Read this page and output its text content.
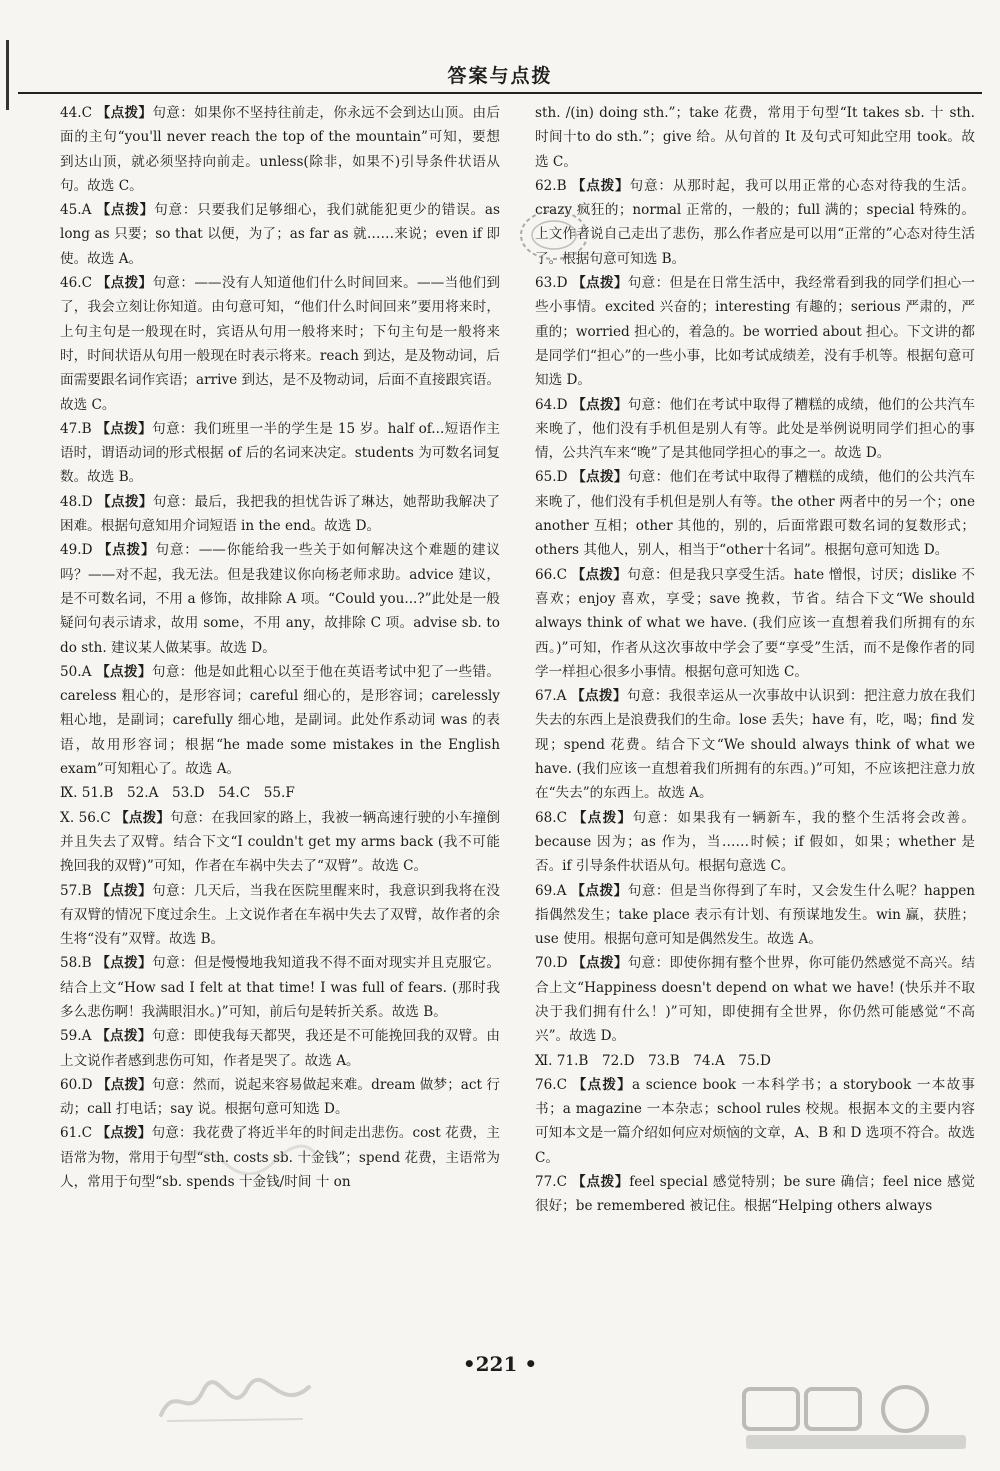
答案与点拨

44.C 【点拨】句意：如果你不坚持往前走，你永远不会到达山顶。由后面的主句“you'll never reach the top of the mountain”可知，要想到达山顶，就必须坚持向前走。unless(除非，如果不)引导条件状语从句。故选 C。

45.A 【点拨】句意：只要我们足够细心，我们就能犯更少的错误。as long as 只要；so that 以便，为了；as far as 就……来说；even if 即使。故选 A。

46.C 【点拨】句意：——没有人知道他们什么时间回来。——当他们到了，我会立刻让你知道。由句意可知，“他们什么时间回来”要用将来时，上句主句是一般现在时，宾语从句用一般将来时；下句主句是一般将来时，时间状语从句用一般现在时表示将来。reach 到达，是及物动词，后面需要跟名词作宾语；arrive 到达，是不及物动词，后面不直接跟宾语。故选 C。

47.B 【点拨】句意：我们班里一半的学生是 15 岁。half of...短语作主语时，谓语动词的形式根据 of 后的名词来决定。students 为可数名词复数。故选 B。

48.D 【点拨】句意：最后，我把我的担忧告诉了琳达，她帮助我解决了困难。根据句意知用介词短语 in the end。故选 D。

49.D 【点拨】句意：——你能给我一些关于如何解决这个难题的建议吗？——对不起，我无法。但是我建议你向杨老师求助。advice 建议，是不可数名词，不用 a 修饰，故排除 A 项。“Could you...?”此处是一般疑问句表示请求，故用 some，不用 any，故排除 C 项。advise sb. to do sth. 建议某人做某事。故选 D。

50.A 【点拨】句意：他是如此粗心以至于他在英语考试中犯了一些错。careless 粗心的，是形容词；careful 细心的，是形容词；carelessly 粗心地，是副词；carefully 细心地，是副词。此处作系动词 was 的表语，故用形容词；根据“he made some mistakes in the English exam”可知粗心了。故选 A。

Ⅸ. 51.B　52.A　53.D　54.C　55.F

Ⅹ. 56.C 【点拨】句意：在我回家的路上，我被一辆高速行驶的小车撞倒并且失去了双臂。结合下文“I couldn't get my arms back (我不可能挽回我的双臂)”可知，作者在车祸中失去了“双臂”。故选 C。

57.B 【点拨】句意：几天后，当我在医院里醒来时，我意识到我将在没有双臂的情况下度过余生。上文说作者在车祸中失去了双臂，故作者的余生将“没有”双臂。故选 B。

58.B 【点拨】句意：但是慢慢地我知道我不得不面对现实并且克服它。结合上文“How sad I felt at that time! I was full of fears. (那时我多么悲伤啊！我满眼泪水。)”可知，前后句是转折关系。故选 B。

59.A 【点拨】句意：即使我每天都哭，我还是不可能挽回我的双臂。由上文说作者感到悲伤可知，作者是哭了。故选 A。

60.D 【点拨】句意：然而，说起来容易做起来难。dream 做梦；act 行动；call 打电话；say 说。根据句意可知选 D。

61.C 【点拨】句意：我花费了将近半年的时间走出悲伤。cost 花费，主语常为物，常用于句型“sth. costs sb. 十金钱”；spend 花费，主语常为人，常用于句型“sb. spends 十金钱/时间 十 on

sth. /(in) doing sth.”；take 花费，常用于句型“It takes sb. 十 sth. 时间十to do sth.”；give 给。从句首的 It 及句式可知此空用 took。故选 C。

62.B 【点拨】句意：从那时起，我可以用正常的心态对待我的生活。crazy 疯狂的；normal 正常的，一般的；full 满的；special 特殊的。上文作者说自己走出了悲伤，那么作者应是可以用“正常的”心态对待生活了。根据句意可知选 B。

63.D 【点拨】句意：但是在日常生活中，我经常看到我的同学们担心一些小事情。excited 兴奋的；interesting 有趣的；serious 严肃的，严重的；worried 担心的，着急的。be worried about 担心。下文讲的都是同学们“担心”的一些小事，比如考试成绩差，没有手机等。根据句意可知选 D。

64.D 【点拨】句意：他们在考试中取得了糟糕的成绩，他们的公共汽车来晚了，他们没有手机但是别人有等。此处是举例说明同学们担心的事情，公共汽车来“晚”了是其他同学担心的事之一。故选 D。

65.D 【点拨】句意：他们在考试中取得了糟糕的成绩，他们的公共汽车来晚了，他们没有手机但是别人有等。the other 两者中的另一个；one another 互相；other 其他的，别的，后面常跟可数名词的复数形式；others 其他人，别人，相当于“other十名词”。根据句意可知选 D。

66.C 【点拨】句意：但是我只享受生活。hate 憎恨，讨厌；dislike 不喜欢；enjoy 喜欢，享受；save 挽救，节省。结合下文“We should always think of what we have. (我们应该一直想着我们所拥有的东西。)”可知，作者从这次事故中学会了要“享受”生活，而不是像作者的同学一样担心很多小事情。根据句意可知选 C。

67.A 【点拨】句意：我很幸运从一次事故中认识到：把注意力放在我们失去的东西上是浪费我们的生命。lose 丢失；have 有，吃，喝；find 发现；spend 花费。结合下文“We should always think of what we have. (我们应该一直想着我们所拥有的东西。)”可知，不应该把注意力放在“失去”的东西上。故选 A。

68.C 【点拨】句意：如果我有一辆新车，我的整个生活将会改善。because 因为；as 作为，当……时候；if 假如，如果；whether 是否。if 引导条件状语从句。根据句意选 C。

69.A 【点拨】句意：但是当你得到了车时，又会发生什么呢？happen 指偶然发生；take place 表示有计划、有预谋地发生。win 赢，获胜；use 使用。根据句意可知是偶然发生。故选 A。

70.D 【点拨】句意：即使你拥有整个世界，你可能仍然感觉不高兴。结合上文“Happiness doesn't depend on what we have! (快乐并不取决于我们拥有什么！)”可知，即使拥有全世界，你仍然可能感觉“不高兴”。故选 D。

Ⅺ. 71.B　72.D　73.B　74.A　75.D

76.C 【点拨】a science book 一本科学书；a storybook 一本故事书；a magazine 一本杂志；school rules 校规。根据本文的主要内容可知本文是一篇介绍如何应对烦恼的文章，A、B 和 D 选项不符合。故选 C。

77.C 【点拨】feel special 感觉特别；be sure 确信；feel nice 感觉很好；be remembered 被记住。根据“Helping others always

•221 •
